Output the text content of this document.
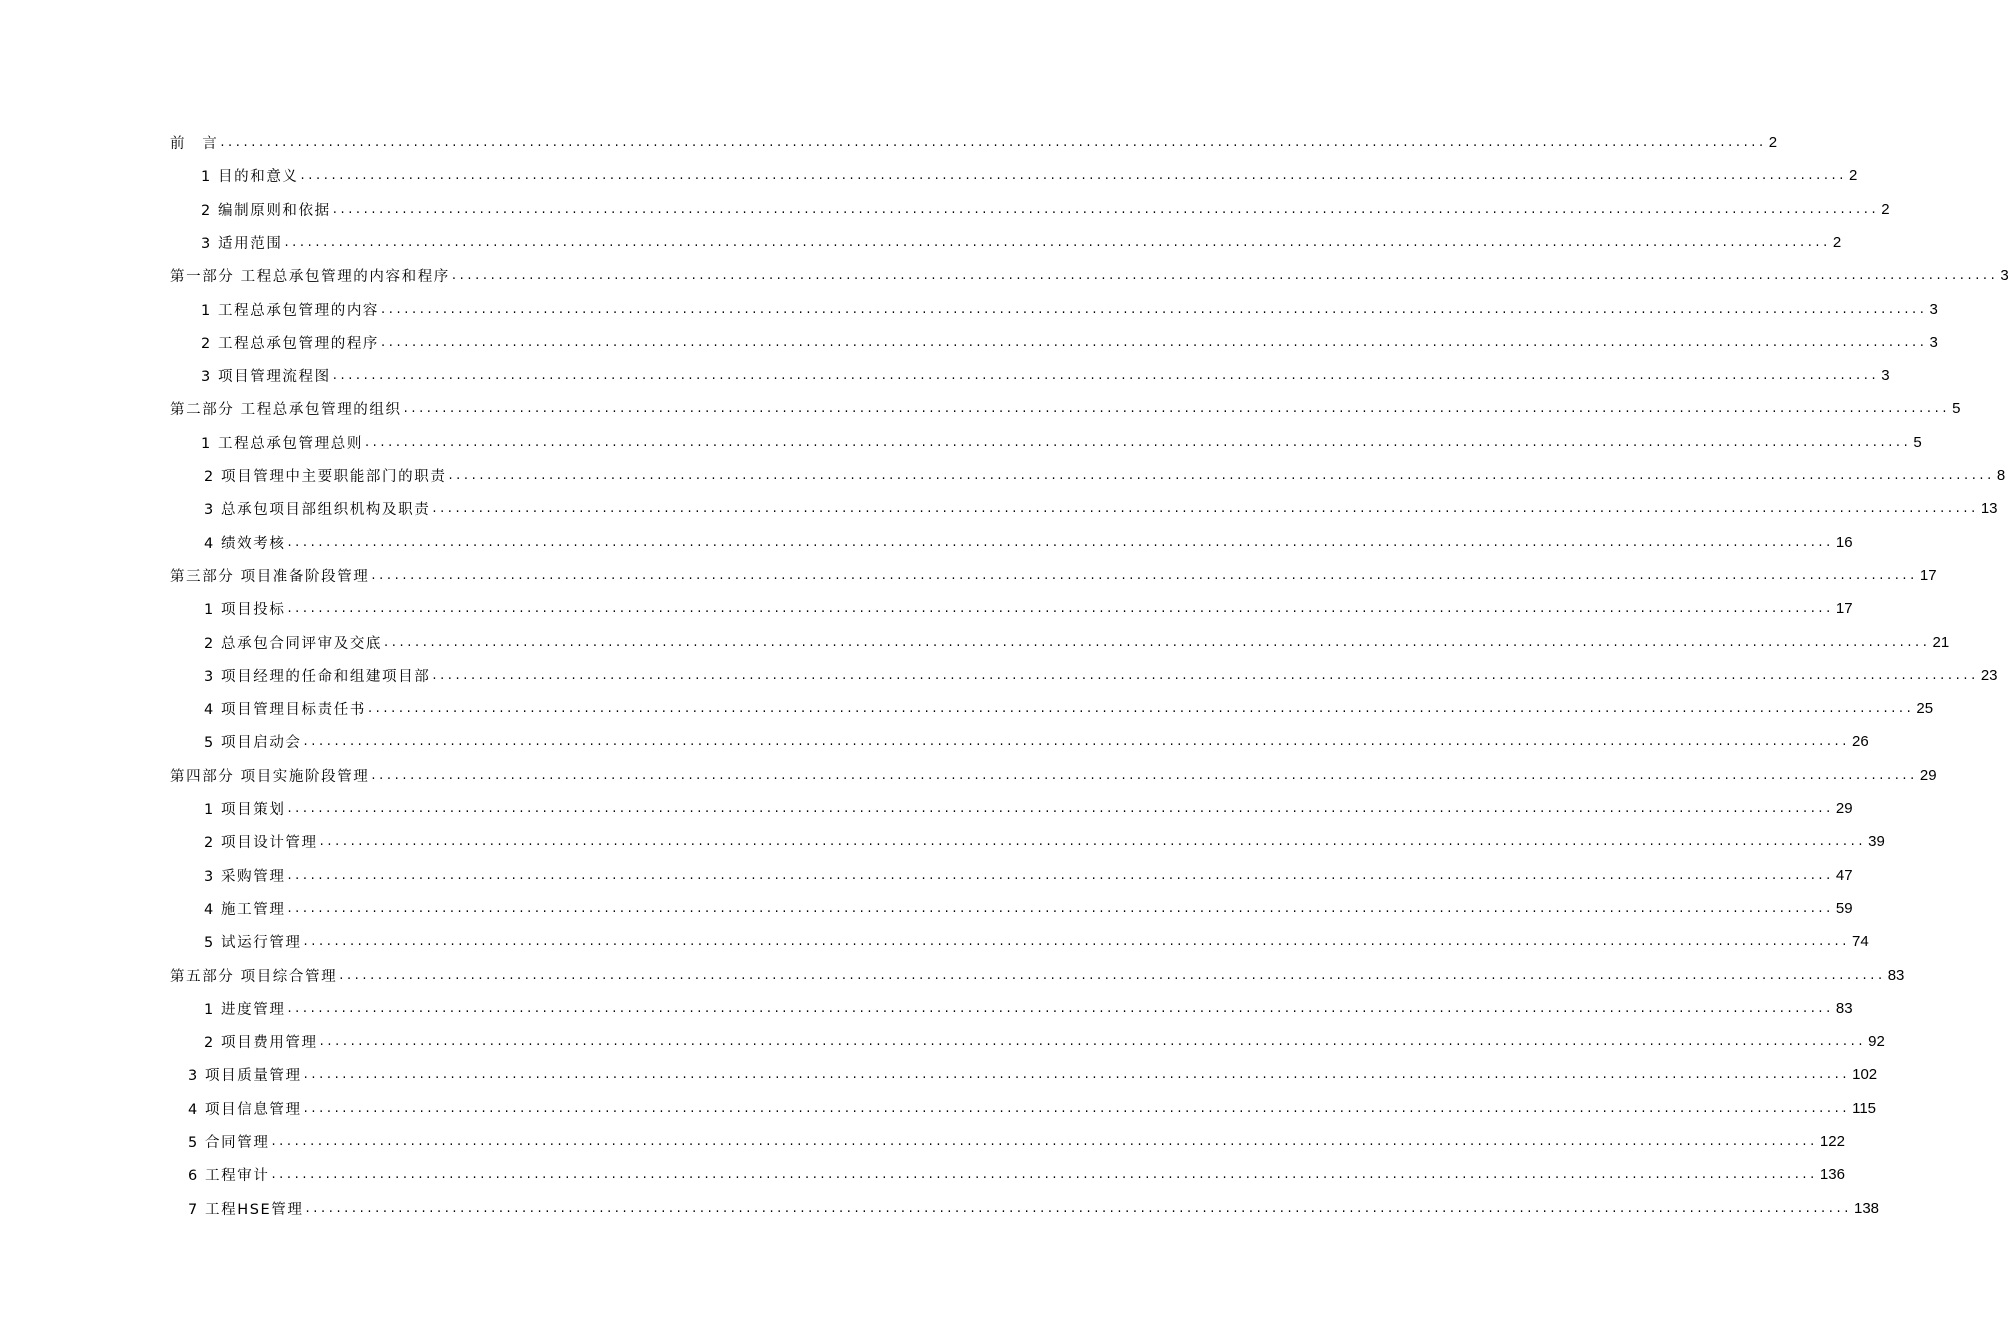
前　言 ........................................................................................................................................................................................................ 2
1 目的和意义 ........................................................................................................................................................................................................ 2
2 编制原则和依据 ........................................................................................................................................................................................................ 2
3 适用范围 ........................................................................................................................................................................................................ 2
第一部分 工程总承包管理的内容和程序 ........................................................................................................................................................................................................ 3
1 工程总承包管理的内容 ........................................................................................................................................................................................................ 3
2 工程总承包管理的程序 ........................................................................................................................................................................................................ 3
3 项目管理流程图 ........................................................................................................................................................................................................ 3
第二部分 工程总承包管理的组织 ........................................................................................................................................................................................................ 5
1 工程总承包管理总则 ........................................................................................................................................................................................................ 5
2 项目管理中主要职能部门的职责 ........................................................................................................................................................................................................ 8
3 总承包项目部组织机构及职责 ........................................................................................................................................................................................................ 13
4 绩效考核 ........................................................................................................................................................................................................ 16
第三部分 项目准备阶段管理 ........................................................................................................................................................................................................ 17
1 项目投标 ........................................................................................................................................................................................................ 17
2 总承包合同评审及交底 ........................................................................................................................................................................................................ 21
3 项目经理的任命和组建项目部 ........................................................................................................................................................................................................ 23
4 项目管理目标责任书 ........................................................................................................................................................................................................ 25
5 项目启动会 ........................................................................................................................................................................................................ 26
第四部分 项目实施阶段管理 ........................................................................................................................................................................................................ 29
1 项目策划 ........................................................................................................................................................................................................ 29
2 项目设计管理 ........................................................................................................................................................................................................ 39
3 采购管理 ........................................................................................................................................................................................................ 47
4 施工管理 ........................................................................................................................................................................................................ 59
5 试运行管理 ........................................................................................................................................................................................................ 74
第五部分 项目综合管理 ........................................................................................................................................................................................................ 83
1 进度管理 ........................................................................................................................................................................................................ 83
2 项目费用管理 ........................................................................................................................................................................................................ 92
3 项目质量管理 ........................................................................................................................................................................................................ 102
4 项目信息管理 ........................................................................................................................................................................................................ 115
5 合同管理 ........................................................................................................................................................................................................ 122
6 工程审计 ........................................................................................................................................................................................................ 136
7 工程HSE管理 ........................................................................................................................................................................................................ 138
